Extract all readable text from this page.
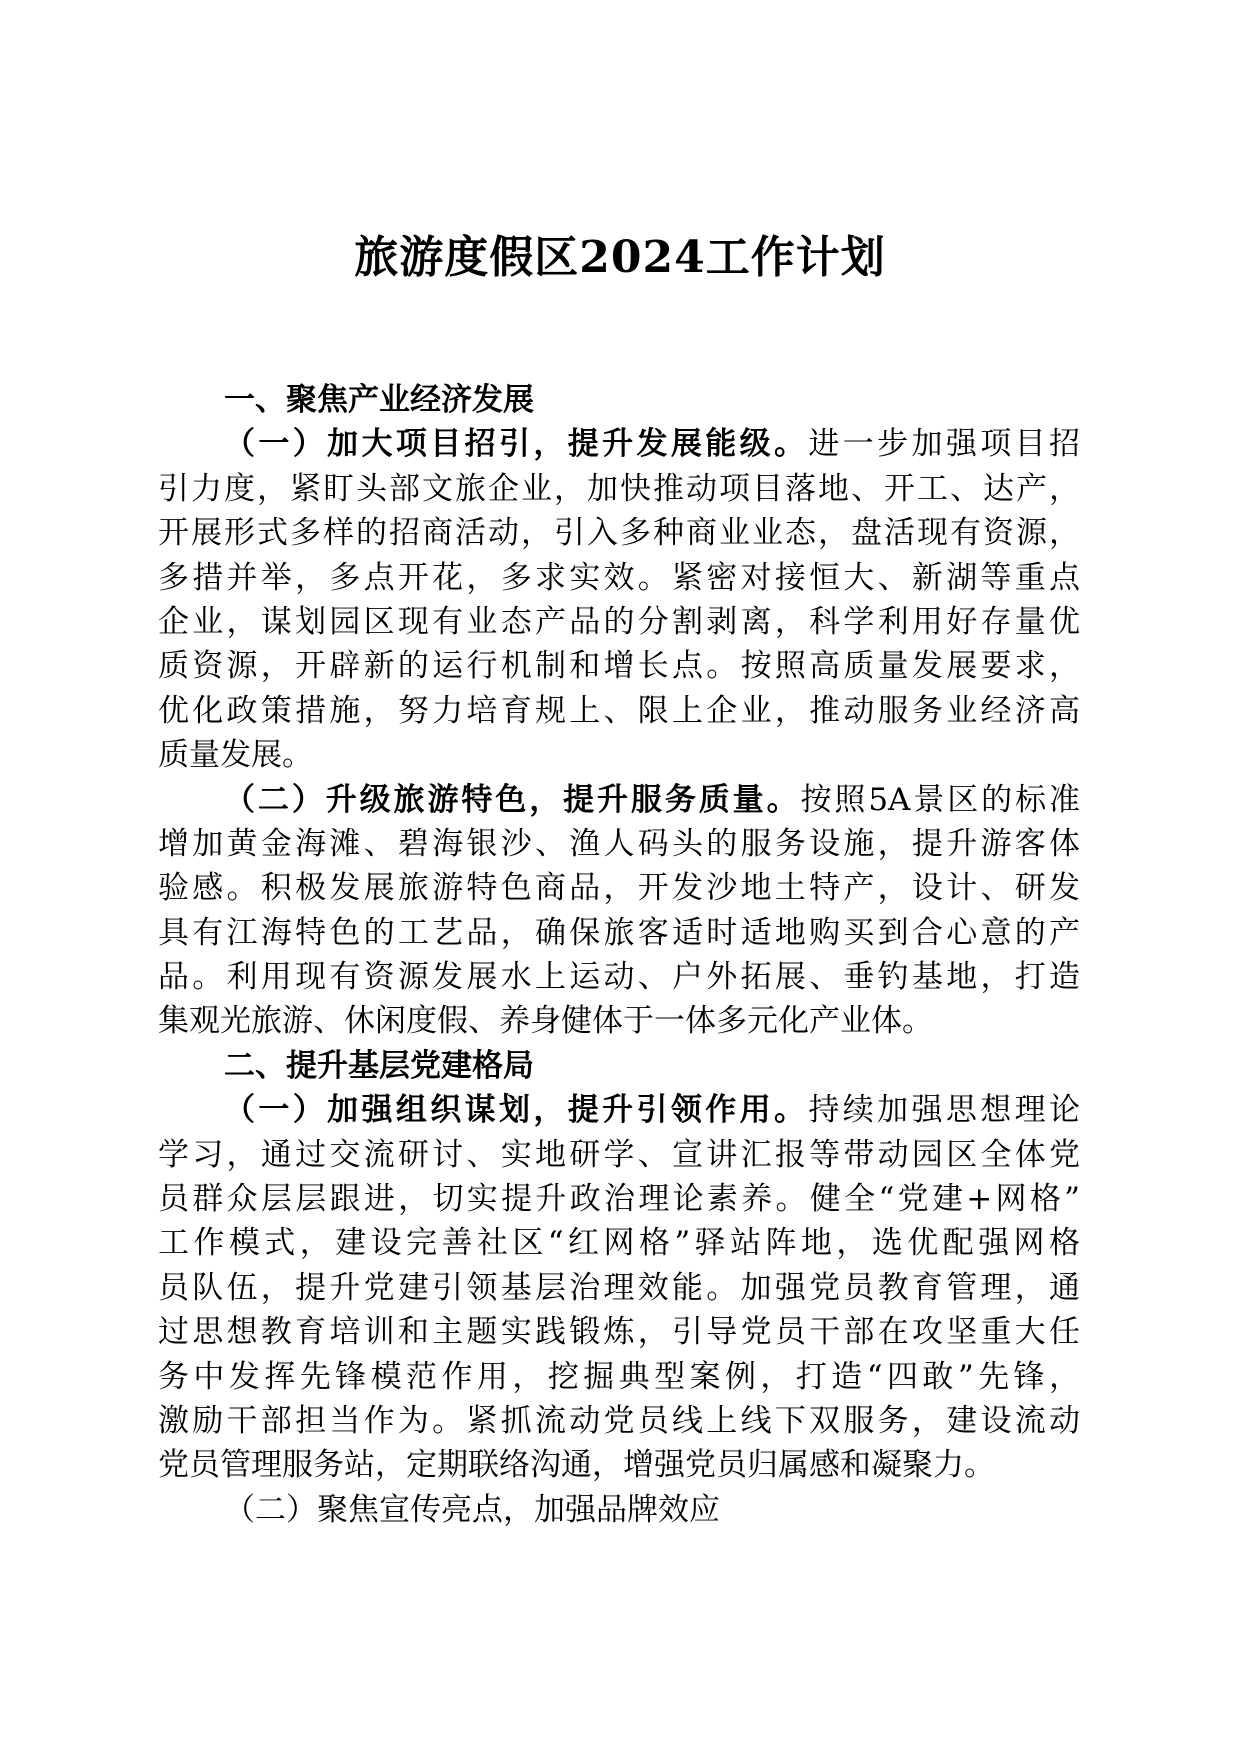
旅游度假区2024工作计划
一、聚焦产业经济发展
（一）加大项目招引，提升发展能级。进一步加强项目招
引力度，紧盯头部文旅企业，加快推动项目落地、开工、达产，
开展形式多样的招商活动，引入多种商业业态，盘活现有资源，
多措并举，多点开花，多求实效。紧密对接恒大、新湖等重点
企业，谋划园区现有业态产品的分割剥离，科学利用好存量优
质资源，开辟新的运行机制和增长点。按照高质量发展要求，
优化政策措施，努力培育规上、限上企业，推动服务业经济高
质量发展。
（二）升级旅游特色，提升服务质量。按照5A景区的标准
增加黄金海滩、碧海银沙、渔人码头的服务设施，提升游客体
验感。积极发展旅游特色商品，开发沙地土特产，设计、研发
具有江海特色的工艺品，确保旅客适时适地购买到合心意的产
品。利用现有资源发展水上运动、户外拓展、垂钓基地，打造
集观光旅游、休闲度假、养身健体于一体多元化产业体。
二、提升基层党建格局
（一）加强组织谋划，提升引领作用。持续加强思想理论
学习，通过交流研讨、实地研学、宣讲汇报等带动园区全体党
员群众层层跟进，切实提升政治理论素养。健全“党建+网格”
工作模式，建设完善社区“红网格”驿站阵地，选优配强网格
员队伍，提升党建引领基层治理效能。加强党员教育管理，通
过思想教育培训和主题实践锻炼，引导党员干部在攻坚重大任
务中发挥先锋模范作用，挖掘典型案例，打造“四敢”先锋，
激励干部担当作为。紧抓流动党员线上线下双服务，建设流动
党员管理服务站，定期联络沟通，增强党员归属感和凝聚力。
（二）聚焦宣传亮点，加强品牌效应
